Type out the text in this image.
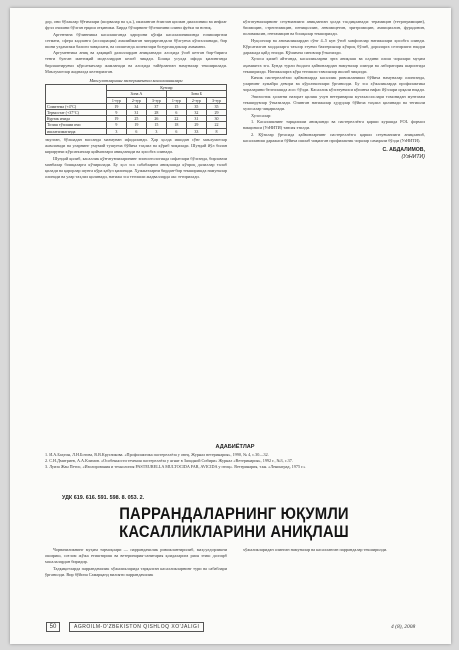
дор, они бўлаклар бўғимлари (шорвалар ва ҳ.к.), икиланган ёпиглан қисман диаллиниш ва инфлаг фулл очишни бўлган ерқиш отқиники. Бирда бўларнинг бўлтшнини олини фуёки зи нотиқ.

Аргентина бўлинниша касалашганда ҳаророни қўпфа касалалинишинда гопиширгачи сегмати, сфера кадланга (ассоциация) амалиймаган чиндиргандали бўлгунча кўпгалланади, бир пшни уздамгаки балиги чавқолати, ва спиштатда аспектлари бозургашдиклар аммамни.

Аргументика аниқ ва ҳақиқий далиллардан аниқланади: алоҳида ўсиб кетган бир-бирига тенги булган мантиқий моделлардан келиб чиқади. Бошқа усулда ифода қилинганда бирлаштирувчи кўрсаткичлар жамланади ва алоҳида тайёрланган намуналар текширилади. Маълумотлар жадвалда келтирилган.

Маъсулотларнинг экспериментал касалланишлари
	Кунлар					
	Зона А			Зона Б		
	1-тур	2-тур	3-тур	1-тур	2-тур	3-тур
Сомитема (+4°С)	19	34	37	15	35	35
Термостат (+37°С)	9	31	28	6	32	29
Куртак ичида	19	25	26	22	31	30
Тозиш тўплами ичи	9	19	15	18	29	22
ишлатилмаганда	3	6	3	6	33	8

эмулган, бўлшадан вассанда мазмунан ифодаланди. Ҳар ҳолда ишидан сўнг маълумотлар жамланади ва уларнинг умумий тушунча бўйича таҳлил ва кўриб чиқилади. Шундай йўл билан кирирувчи кўрсаткичлар қийматлари аниқланади ва ҳисобга олинади.

Шундай қилиб, касаллик қўзғатувчиларининг эпизоотологияда сифатлари бўлганда, бирламчи манбалар бошқаларга кўчирилади. Бу ҳол эса сабабларни аниқлашда кўпроқ далиллар талаб қилади ва қарорлар шунга кўра қабул қилинади. Ҳужжатларни бирдан-бир текширишда намуналар олинади ва улар таҳлил қилинади, натижа эса тегишли жадвалларда акс эттирилади.

кўзгатувчиларнинг сезувчанлиги аниқланган ҳолда тасдиқланади: терамицин (тетратрамицин), биомицин, стрептомицин, пенициллин, левомицетин, эритромицин, ампициллин, фурадонин, полимиксин, гентамицин ва бошқалар текширилди.

Нуқсонлар ва аномалиялардан сўнг 4–5 кун ўтиб хавфсизлар натижалари ҳисобга олинди. Кўрсатилган моддаларга таъсир этувчи бактериялар кўпроқ бўлиб, дориларга сезгирлиги юқори даражада қайд этилди. Қўшимча синовлар ўтказилди.

Хулоса қилиб айтганда, касалликларни эрта аниқлаш ва олдини олиш чоралари муҳим аҳамиятга эга. Бунда турли ёшдаги ҳайвонлардан намуналар олинди ва лаборатория шароитида текширилди. Натижаларга кўра тегишли тавсиялар ишлаб чиқилди.

Кичик пастереллёзли ҳайвонларда касаллик ривожланиши бўйича намуналар олинганда, уларнинг хужайра девори ва кўрсаткичлари ўрганилди. Бу эса хўжаликларда профилактика чораларини белгилашда асос бўлди. Касаллик кўзгатувчиси кўпинча нафас йўллари орқали юқади.

Эпизоотик ҳолатни назорат қилиш учун ветеринария мутахассислари томонидан мунтазам текширувлар ўтказилади. Олинган натижалар ҳудудлар бўйича таҳлил қилинади ва тегишли хулосалар чиқарилади.

Хулосалар:

1. Касалликнинг тарқалиши аниқланди ва пастереллёзга қарши курашда FOL формол вакцинаси (УзНИТИ) тавсия этилди.

2. Қўзилар ўртасида ҳайвонларнинг пастереллёзга қарши сезувчанлиги аниқланиб, касалланиш даражаси бўйича ишлаб чиқилган профилактик чоралар самарали бўлди (УзНИТИ).

С. АБДАЛИМОВ,
(УзНИТИ)
АДАБИЁТЛАР
1. И.А.Баҳтин, Л.Н.Ботова, В.В.Кругликова. «Профилактика пастереллёза у овец, Журнал ветеринария», 1990, № 4, с.30—32.
2. С.Н.Дмитриев, А.А.Климов. «Особенности течения пастереллёза у ягнят в Западной Сибири» Журнал «Ветеринария», 1992 г., №3, с.37.
3. Луиза Жан Петис, «Изолирования и технология PASTEURELLA MULTOCIDA FAR, AVICIDA у птиц». Ветеринария, т.кн. «Ленинград, 1975 г.»
УДК 619. 616. 591. 598. 8. 053. 2.
ПАРРАНДАЛАРНИНГ ЮҚУМЛИ
КАСАЛЛИКЛАРИНИ АНИҚЛАШ

Чорвачиликнинг муҳим тармоқлари — паррандачилик ривожлантирилиб, маҳсулдорликни ошириш, соғлом жўжа етиштириш ва ветеринария-санитария қоидаларига риоя этиш долзарб масалалардан биридир.

Тадқиқотларда паррандачилик хўжаликларида тарқалган касалликларнинг тури ва сабаблари ўрганилди. Вир бўйича Самарқанд вилояти паррандачилик

хўжаликларидан олинган намуналар ва касалланган паррандалар текширилди.

50	AGROILM-O'ZBEKISTON QISHLOQ XO'JALIGI	4 (8), 2008
